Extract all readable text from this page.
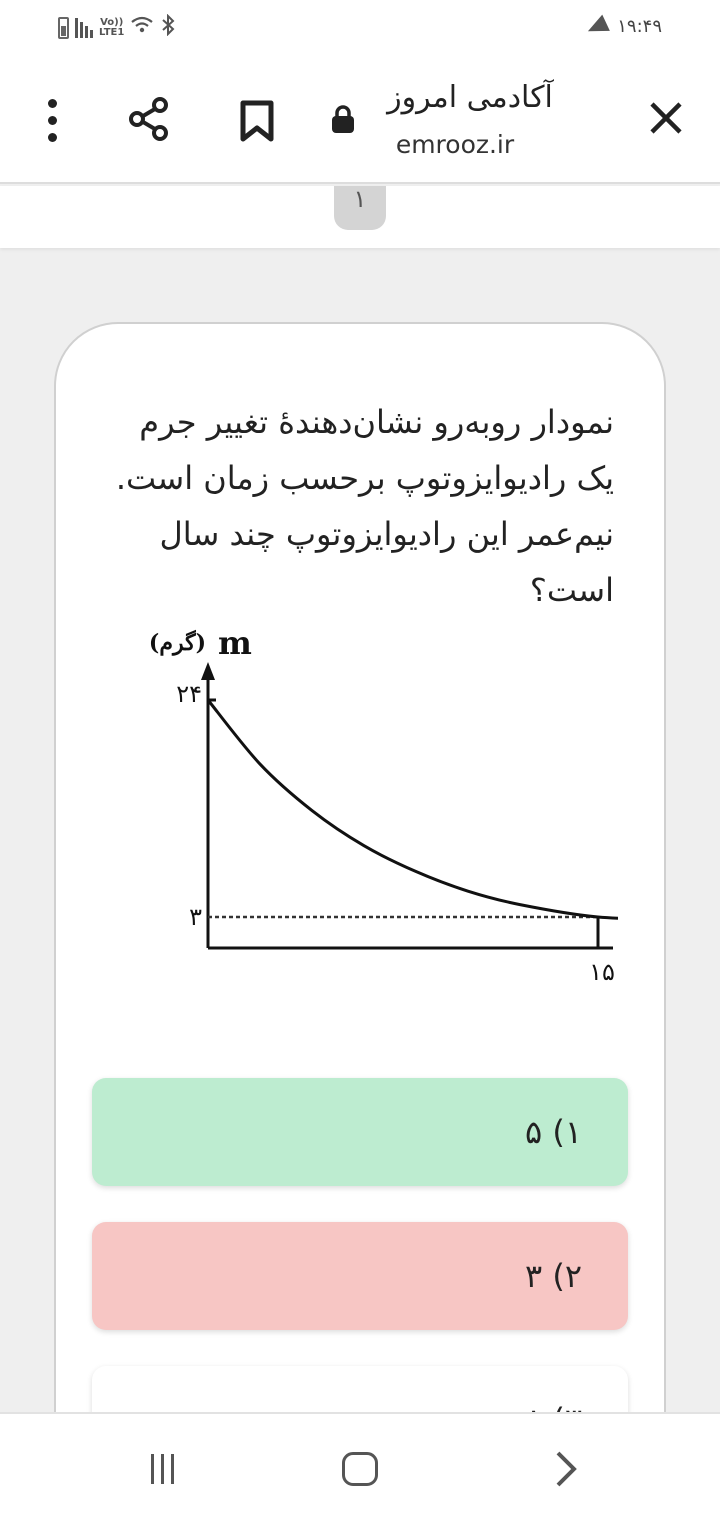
Vo))
LTE1	۱۹:۴۹
آکادمی امروز
emrooz.ir
۱
نمودار روبه‌رو نشان‌دهندۀ تغییر جرم یک رادیوایزوتوپ برحسب زمان است. نیم‌عمر این رادیوایزوتوپ چند سال است؟
m
(گرم)
۲۴
۳
۱۵
۱) ۵
۲) ۳
